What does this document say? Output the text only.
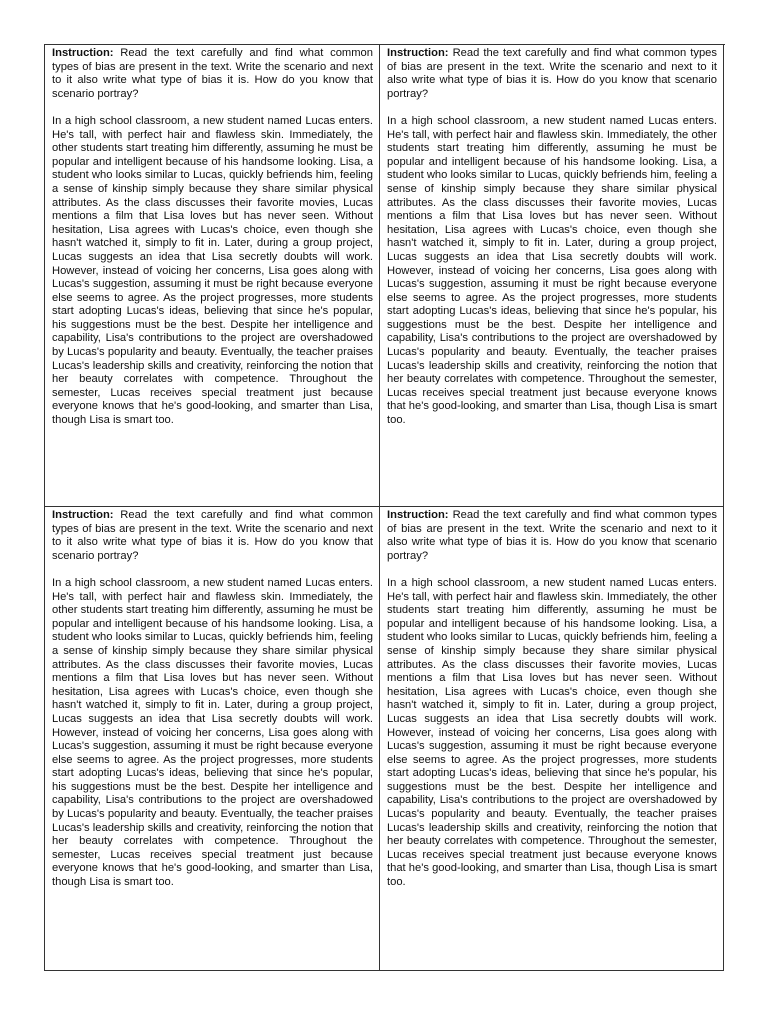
Instruction: Read the text carefully and find what common types of bias are present in the text. Write the scenario and next to it also write what type of bias it is. How do you know that scenario portray?

In a high school classroom, a new student named Lucas enters. He's tall, with perfect hair and flawless skin. Immediately, the other students start treating him differently, assuming he must be popular and intelligent because of his handsome looking. Lisa, a student who looks similar to Lucas, quickly befriends him, feeling a sense of kinship simply because they share similar physical attributes. As the class discusses their favorite movies, Lucas mentions a film that Lisa loves but has never seen. Without hesitation, Lisa agrees with Lucas's choice, even though she hasn't watched it, simply to fit in. Later, during a group project, Lucas suggests an idea that Lisa secretly doubts will work. However, instead of voicing her concerns, Lisa goes along with Lucas's suggestion, assuming it must be right because everyone else seems to agree. As the project progresses, more students start adopting Lucas's ideas, believing that since he's popular, his suggestions must be the best. Despite her intelligence and capability, Lisa's contributions to the project are overshadowed by Lucas's popularity and beauty. Eventually, the teacher praises Lucas's leadership skills and creativity, reinforcing the notion that her beauty correlates with competence. Throughout the semester, Lucas receives special treatment just because everyone knows that he's good-looking, and smarter than Lisa, though Lisa is smart too.

Instruction: Read the text carefully and find what common types of bias are present in the text. Write the scenario and next to it also write what type of bias it is. How do you know that scenario portray?

In a high school classroom, a new student named Lucas enters. He's tall, with perfect hair and flawless skin. Immediately, the other students start treating him differently, assuming he must be popular and intelligent because of his handsome looking. Lisa, a student who looks similar to Lucas, quickly befriends him, feeling a sense of kinship simply because they share similar physical attributes. As the class discusses their favorite movies, Lucas mentions a film that Lisa loves but has never seen. Without hesitation, Lisa agrees with Lucas's choice, even though she hasn't watched it, simply to fit in. Later, during a group project, Lucas suggests an idea that Lisa secretly doubts will work. However, instead of voicing her concerns, Lisa goes along with Lucas's suggestion, assuming it must be right because everyone else seems to agree. As the project progresses, more students start adopting Lucas's ideas, believing that since he's popular, his suggestions must be the best. Despite her intelligence and capability, Lisa's contributions to the project are overshadowed by Lucas's popularity and beauty. Eventually, the teacher praises Lucas's leadership skills and creativity, reinforcing the notion that her beauty correlates with competence. Throughout the semester, Lucas receives special treatment just because everyone knows that he's good-looking, and smarter than Lisa, though Lisa is smart too.

Instruction: Read the text carefully and find what common types of bias are present in the text. Write the scenario and next to it also write what type of bias it is. How do you know that scenario portray?

In a high school classroom, a new student named Lucas enters. He's tall, with perfect hair and flawless skin. Immediately, the other students start treating him differently, assuming he must be popular and intelligent because of his handsome looking. Lisa, a student who looks similar to Lucas, quickly befriends him, feeling a sense of kinship simply because they share similar physical attributes. As the class discusses their favorite movies, Lucas mentions a film that Lisa loves but has never seen. Without hesitation, Lisa agrees with Lucas's choice, even though she hasn't watched it, simply to fit in. Later, during a group project, Lucas suggests an idea that Lisa secretly doubts will work. However, instead of voicing her concerns, Lisa goes along with Lucas's suggestion, assuming it must be right because everyone else seems to agree. As the project progresses, more students start adopting Lucas's ideas, believing that since he's popular, his suggestions must be the best. Despite her intelligence and capability, Lisa's contributions to the project are overshadowed by Lucas's popularity and beauty. Eventually, the teacher praises Lucas's leadership skills and creativity, reinforcing the notion that her beauty correlates with competence. Throughout the semester, Lucas receives special treatment just because everyone knows that he's good-looking, and smarter than Lisa, though Lisa is smart too.

Instruction: Read the text carefully and find what common types of bias are present in the text. Write the scenario and next to it also write what type of bias it is. How do you know that scenario portray?

In a high school classroom, a new student named Lucas enters. He's tall, with perfect hair and flawless skin. Immediately, the other students start treating him differently, assuming he must be popular and intelligent because of his handsome looking. Lisa, a student who looks similar to Lucas, quickly befriends him, feeling a sense of kinship simply because they share similar physical attributes. As the class discusses their favorite movies, Lucas mentions a film that Lisa loves but has never seen. Without hesitation, Lisa agrees with Lucas's choice, even though she hasn't watched it, simply to fit in. Later, during a group project, Lucas suggests an idea that Lisa secretly doubts will work. However, instead of voicing her concerns, Lisa goes along with Lucas's suggestion, assuming it must be right because everyone else seems to agree. As the project progresses, more students start adopting Lucas's ideas, believing that since he's popular, his suggestions must be the best. Despite her intelligence and capability, Lisa's contributions to the project are overshadowed by Lucas's popularity and beauty. Eventually, the teacher praises Lucas's leadership skills and creativity, reinforcing the notion that her beauty correlates with competence. Throughout the semester, Lucas receives special treatment just because everyone knows that he's good-looking, and smarter than Lisa, though Lisa is smart too.
